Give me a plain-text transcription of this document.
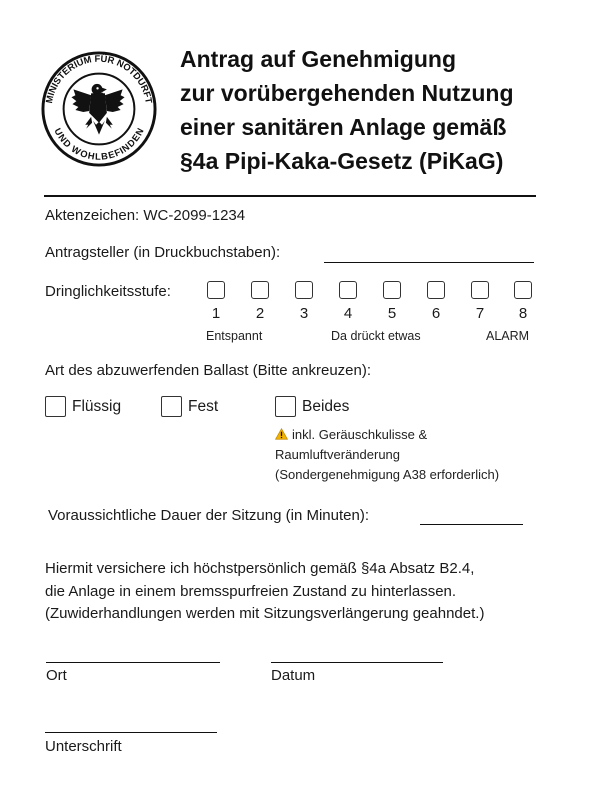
MINISTERIUM FÜR NOTDURFT
UND WOHLBEFINDEN
Antrag auf Genehmigung
zur vorübergehenden Nutzung
einer sanitären Anlage gemäß
§4a Pipi-Kaka-Gesetz (PiKaG)
Aktenzeichen: WC-2099-1234
Antragsteller (in Druckbuchstaben):
Dringlichkeitsstufe:
1	2	3	4	5	6	7	8
Entspannt	Da drückt etwas	ALARM
Art des abzuwerfenden Ballast (Bitte ankreuzen):
Flüssig	Fest	Beides
inkl. Geräuschkulisse &
Raumluftveränderung
(Sondergenehmigung A38 erforderlich)
Voraussichtliche Dauer der Sitzung (in Minuten):
Hiermit versichere ich höchstpersönlich gemäß §4a Absatz B2.4,
die Anlage in einem bremsspurfreien Zustand zu hinterlassen.
(Zuwiderhandlungen werden mit Sitzungsverlängerung geahndet.)
Ort	Datum
Unterschrift
